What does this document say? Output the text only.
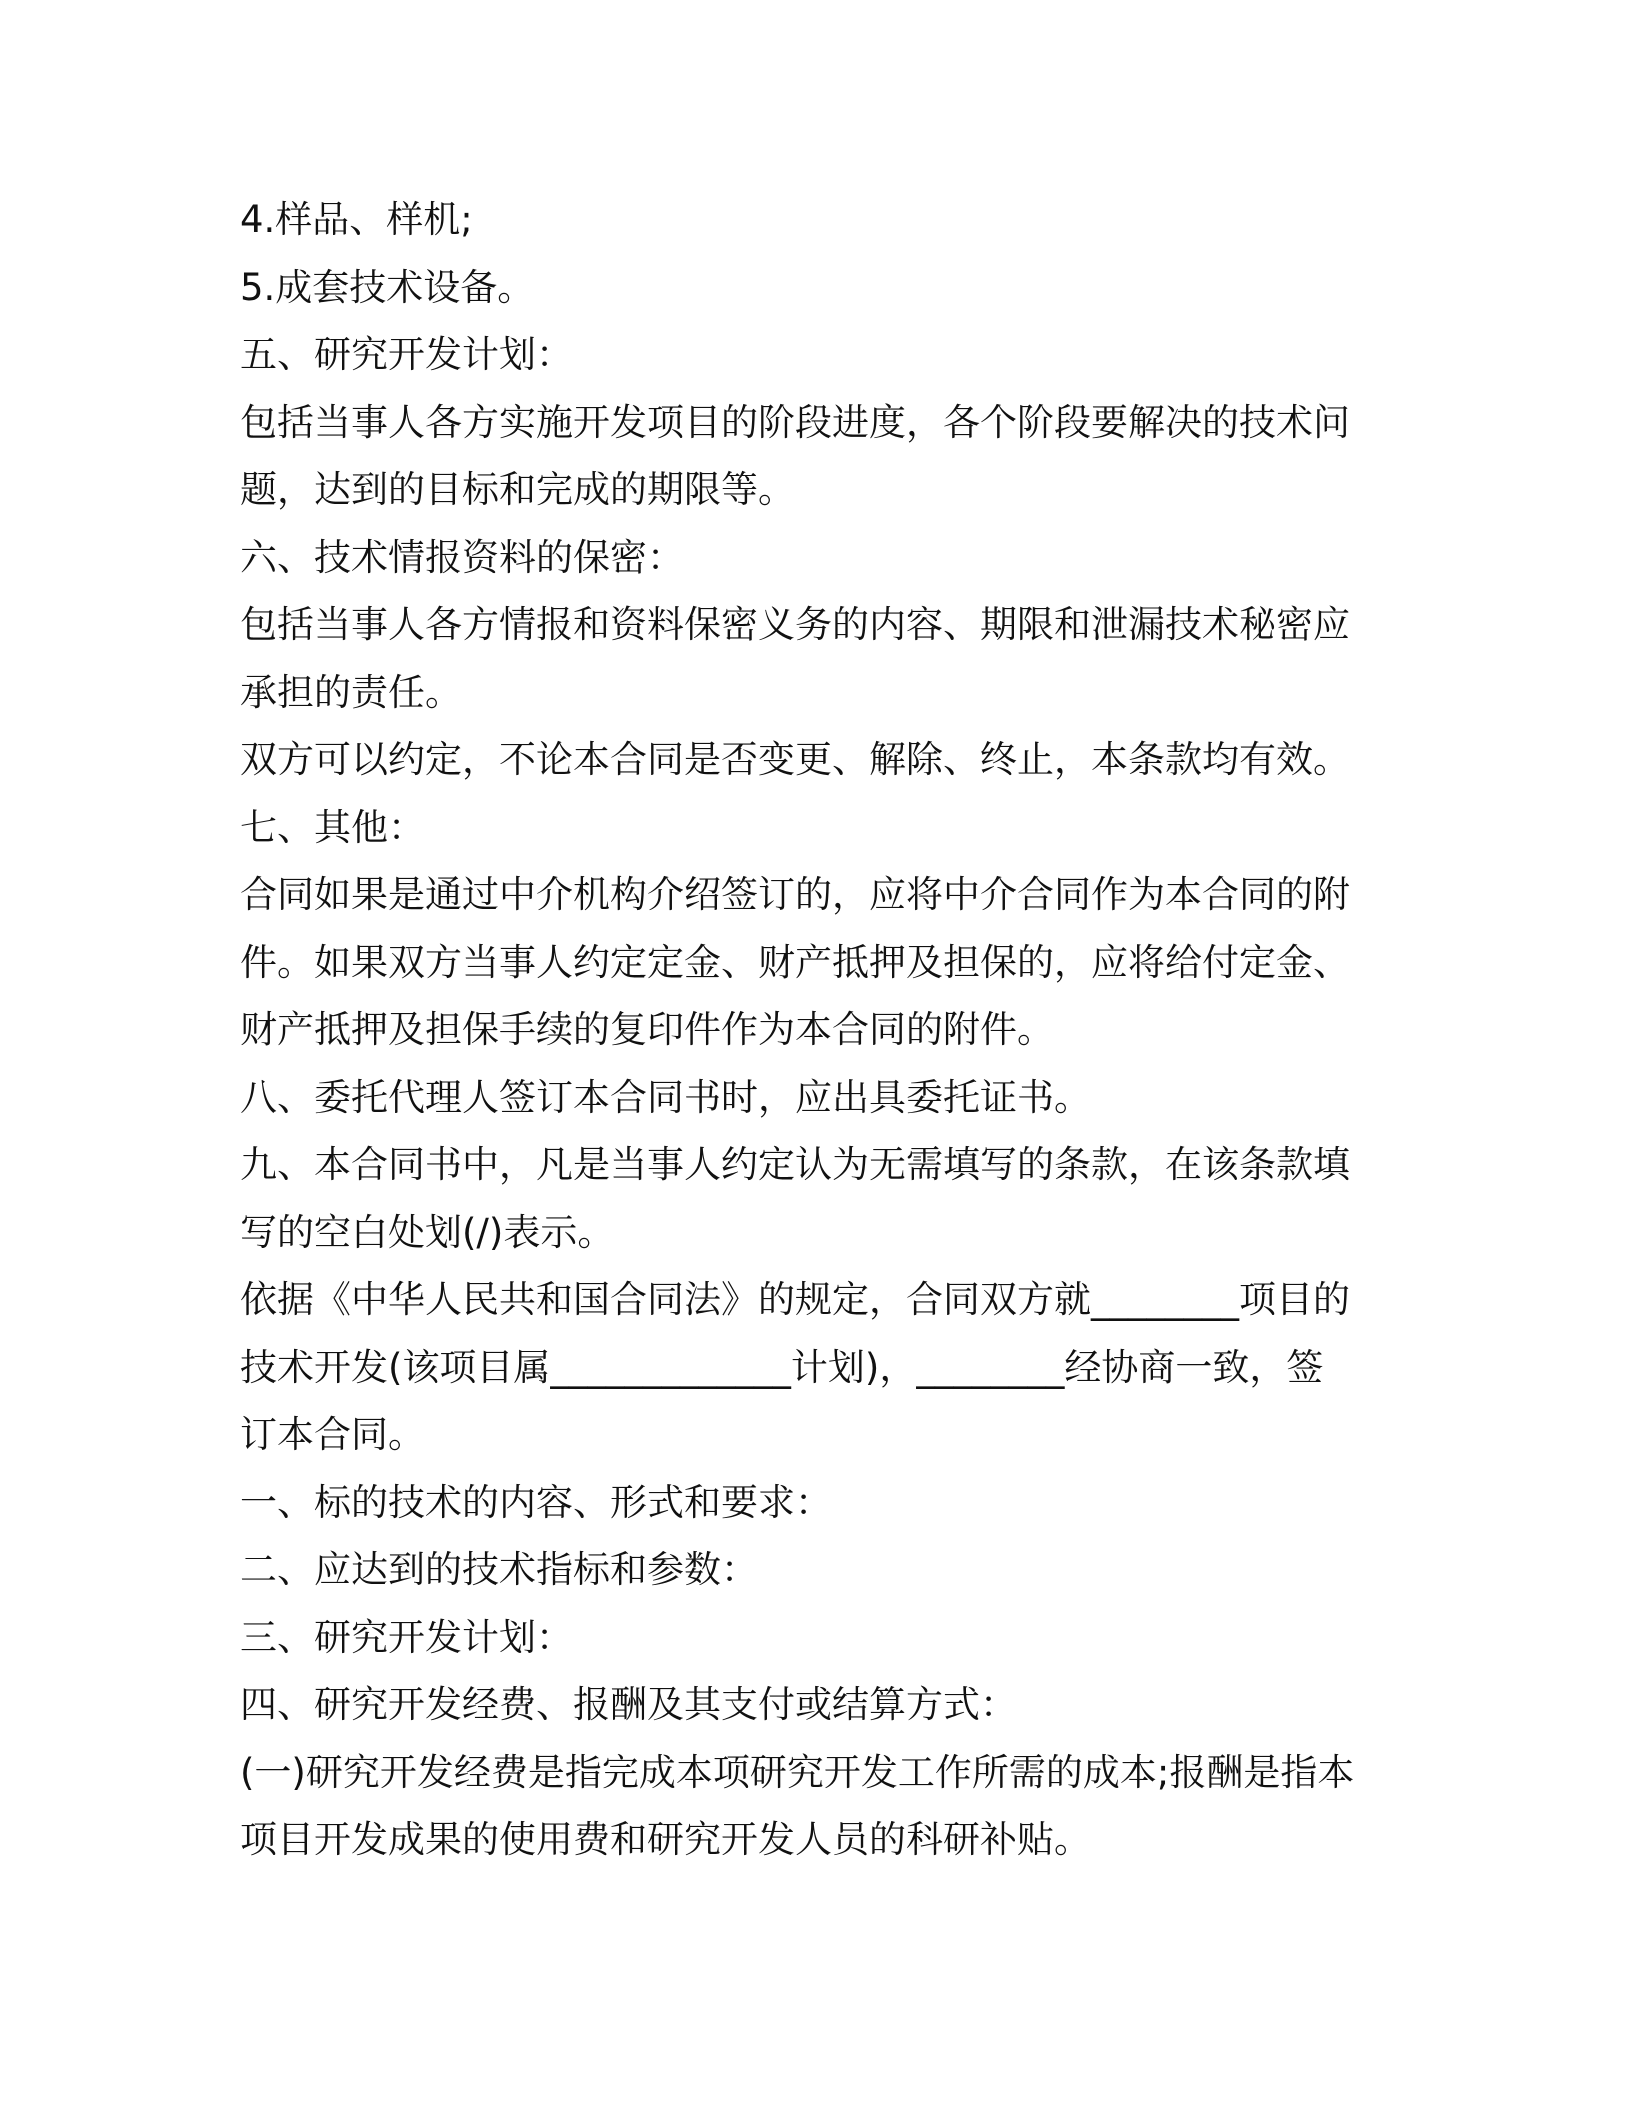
4.样品、样机;
5.成套技术设备。
五、研究开发计划：
包括当事人各方实施开发项目的阶段进度，各个阶段要解决的技术问
题，达到的目标和完成的期限等。
六、技术情报资料的保密：
包括当事人各方情报和资料保密义务的内容、期限和泄漏技术秘密应
承担的责任。
双方可以约定，不论本合同是否变更、解除、终止，本条款均有效。
七、其他：
合同如果是通过中介机构介绍签订的，应将中介合同作为本合同的附
件。如果双方当事人约定定金、财产抵押及担保的，应将给付定金、
财产抵押及担保手续的复印件作为本合同的附件。
八、委托代理人签订本合同书时，应出具委托证书。
九、本合同书中，凡是当事人约定认为无需填写的条款，在该条款填
写的空白处划(/)表示。
依据《中华人民共和国合同法》的规定，合同双方就________项目的
技术开发(该项目属_____________计划)，________经协商一致，签
订本合同。
一、标的技术的内容、形式和要求：
二、应达到的技术指标和参数：
三、研究开发计划：
四、研究开发经费、报酬及其支付或结算方式：
(一)研究开发经费是指完成本项研究开发工作所需的成本;报酬是指本
项目开发成果的使用费和研究开发人员的科研补贴。
